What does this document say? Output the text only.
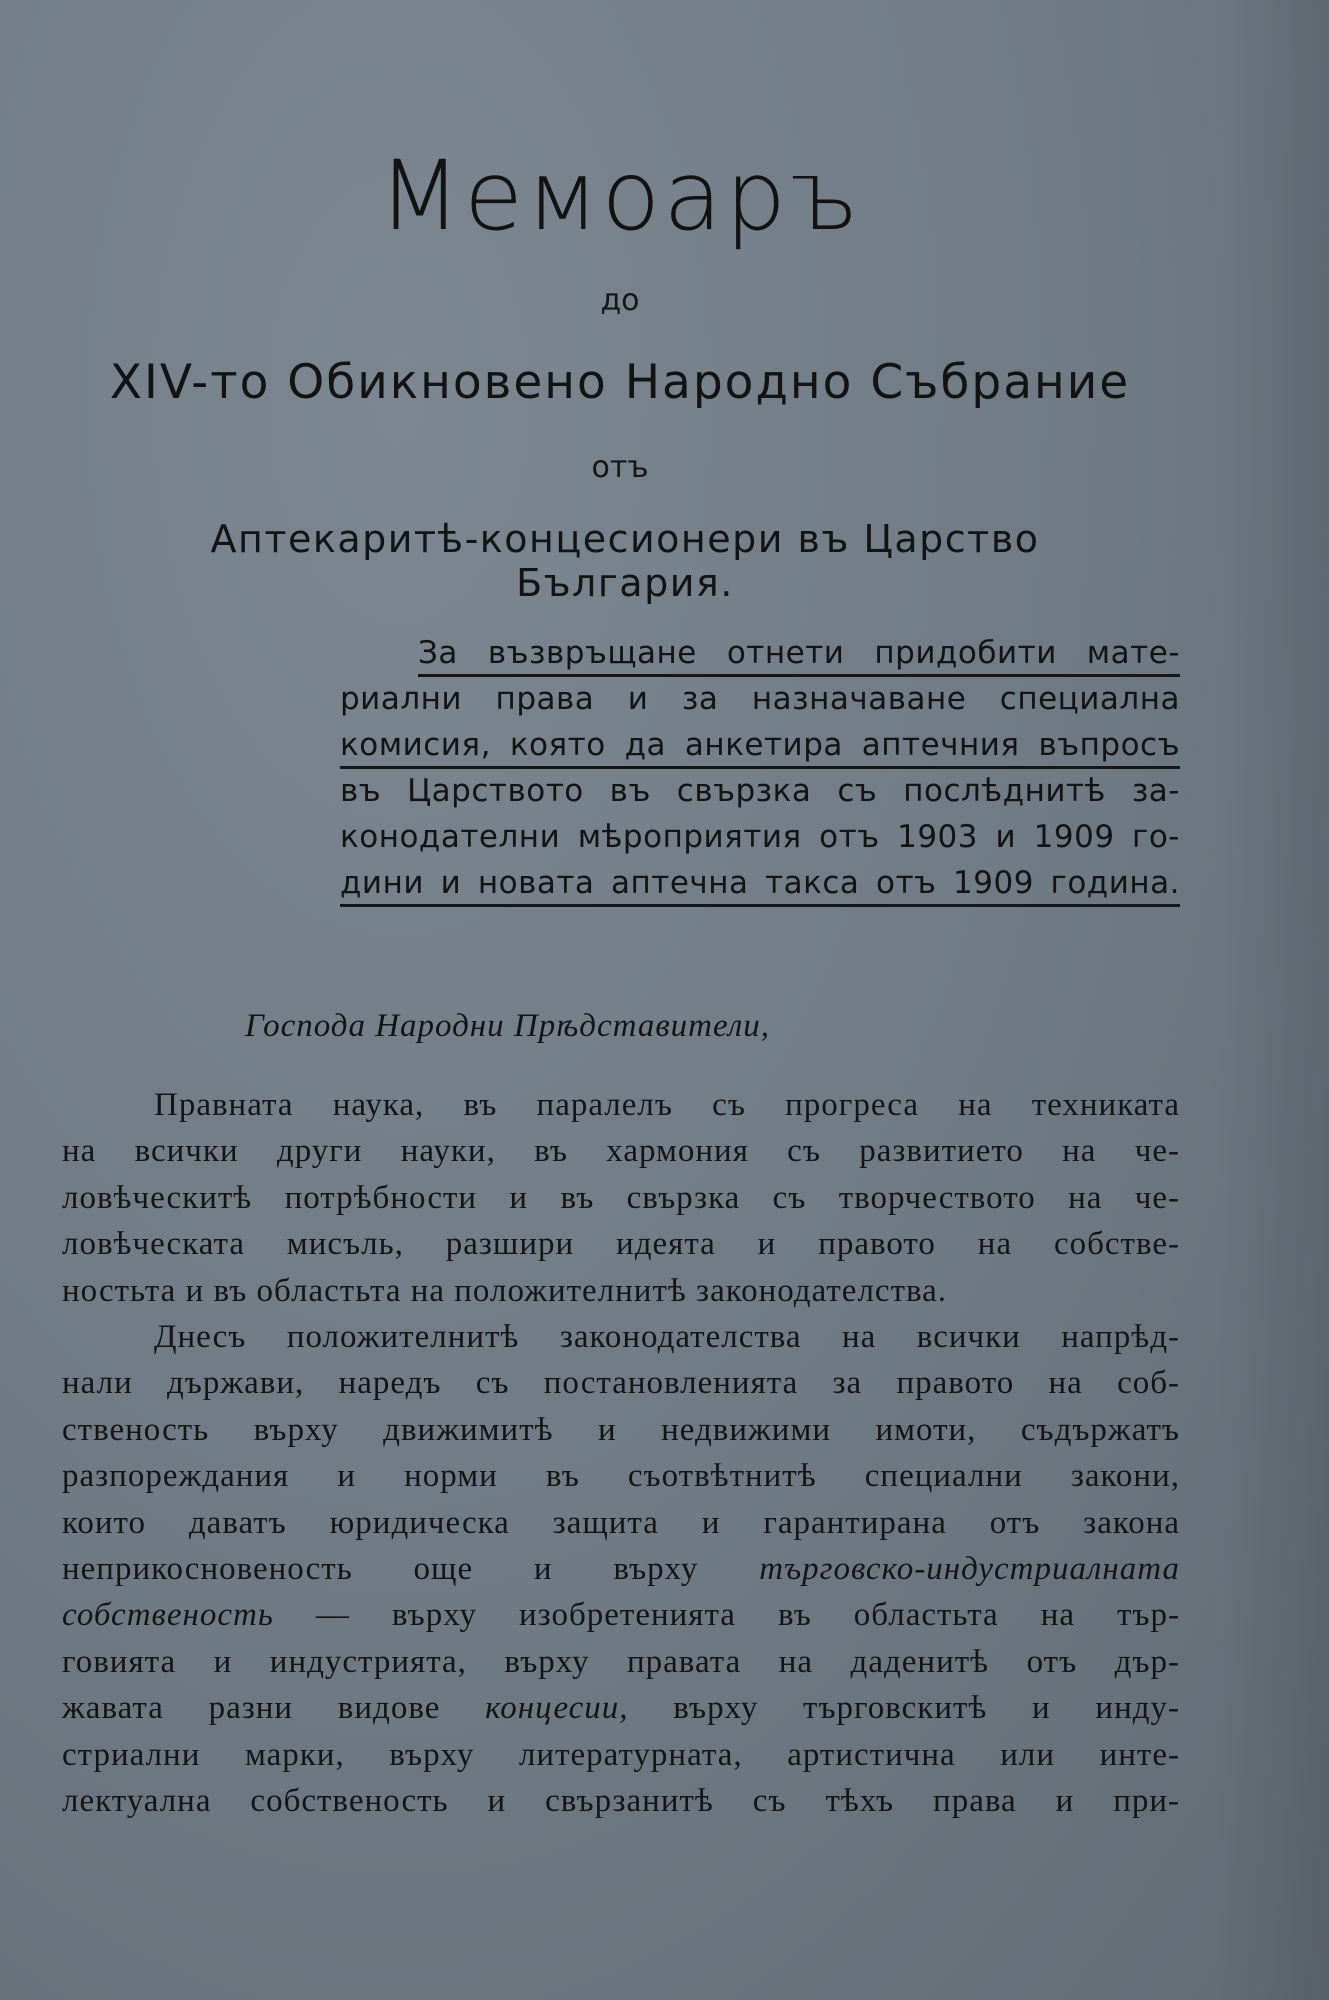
Мемоаръ
до
XIV-то Обикновено Народно Събрание
отъ
Аптекаритѣ-концесионери въ Царство България.
За възвръщане отнети придобити мате-
риални права и за назначаване специална
комисия, която да анкетира аптечния въпросъ
въ Царството въ свързка съ послѣднитѣ за-
конодателни мѣроприятия отъ 1903 и 1909 го-
дини и новата аптечна такса отъ 1909 година.
Господа Народни Прѣдставители,
Правната наука, въ паралелъ съ прогреса на техниката
на всички други науки, въ хармония съ развитието на че-
ловѣческитѣ потрѣбности и въ свързка съ творчеството на че-
ловѣческата мисъль, разшири идеята и правото на собстве-
ностьта и въ областьта на положителнитѣ законодателства.
Днесъ положителнитѣ законодателства на всички напрѣд-
нали държави, наредъ съ постановленията за правото на соб-
ственость върху движимитѣ и недвижими имоти, съдържатъ
разпореждания и норми въ съотвѣтнитѣ специални закони,
които даватъ юридическа защита и гарантирана отъ закона
неприкосновеность още и върху търговско-индустриалната
собственость — върху изобретенията въ областьта на тър-
говията и индустрията, върху правата на даденитѣ отъ дър-
жавата разни видове концесии, върху търговскитѣ и инду-
стриални марки, върху литературната, артистична или инте-
лектуална собственость и свързанитѣ съ тѣхъ права и при-
